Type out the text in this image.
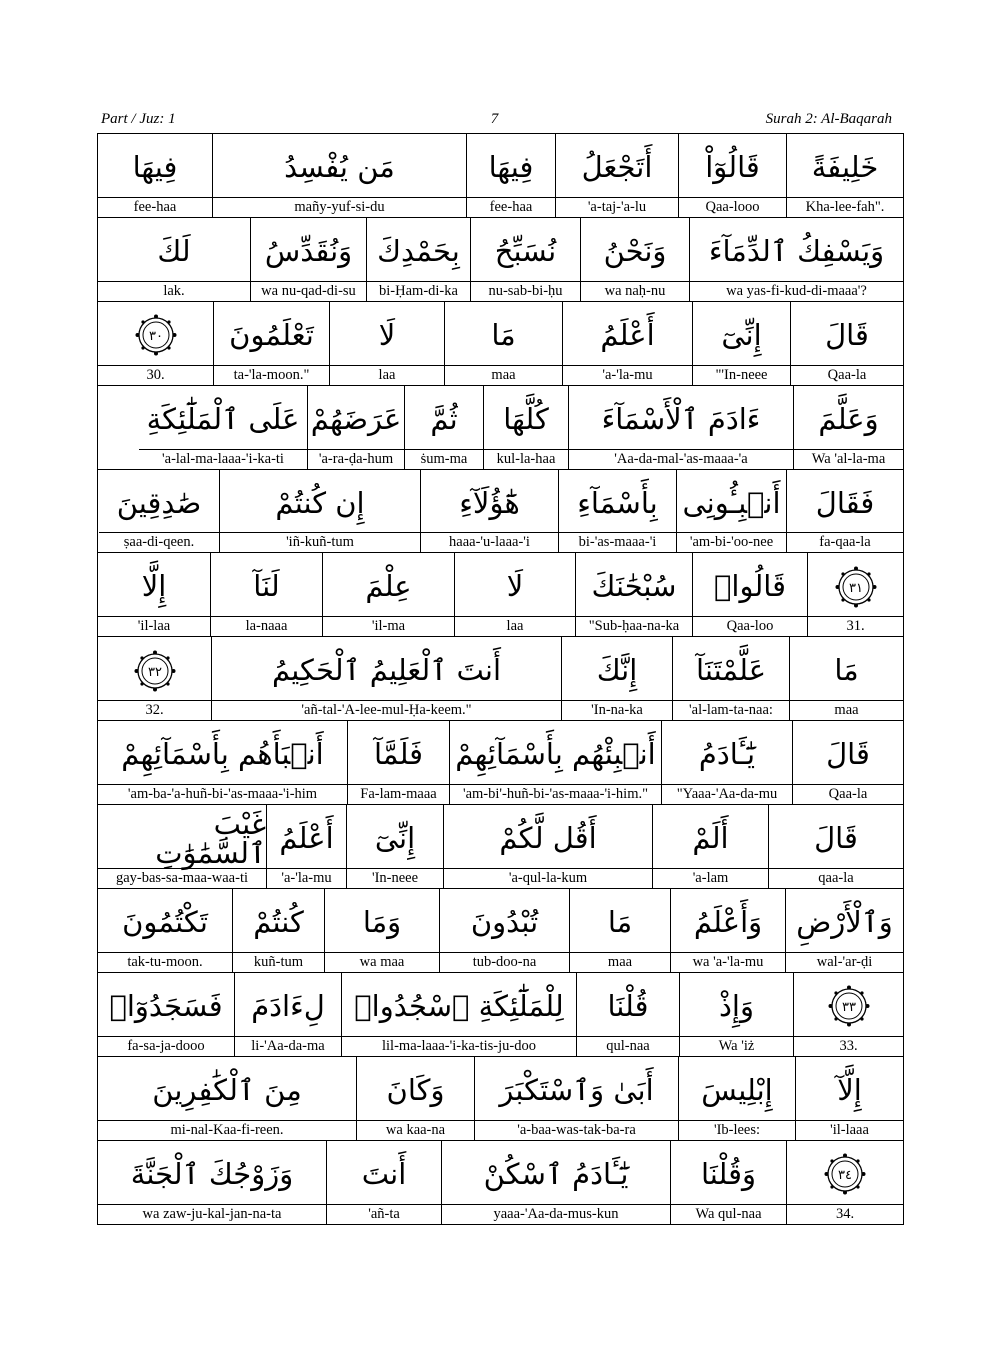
Part / Juz: 1	7	Surah 2: Al-Baqarah
خَلِيفَةً
Kha-lee-fah".
قَالُوٓاْ
Qaa-looo
أَتَجْعَلُ
'a-taj-'a-lu
فِيهَا
fee-haa
مَن يُفْسِدُ
mañy-yuf-si-du
فِيهَا
fee-haa
وَيَسْفِكُ ٱلدِّمَآءَ
wa yas-fi-kud-di-maaa'?
وَنَحْنُ
wa naḥ-nu
نُسَبِّحُ
nu-sab-bi-ḥu
بِحَمْدِكَ
bi-Ḥam-di-ka
وَنُقَدِّسُ
wa nu-qad-di-su
لَكَ
lak.
قَالَ
Qaa-la
إِنِّىٓ
"'In-neee
أَعْلَمُ
'a-'la-mu
مَا
maa
لَا
laa
تَعْلَمُونَ
ta-'la-moon."
٣٠
30.
وَعَلَّمَ
Wa 'al-la-ma
ءَادَمَ ٱلْأَسْمَآءَ
'Aa-da-mal-'as-maaa-'a
كُلَّهَا
kul-la-haa
ثُمَّ
ṡum-ma
عَرَضَهُمْ
'a-ra-ḍa-hum
عَلَى ٱلْمَلَٰٓئِكَةِ
'a-lal-ma-laaa-'i-ka-ti
فَقَالَ
fa-qaa-la
أَنۢبِـُٔونِى
'am-bi-'oo-nee
بِأَسْمَآءِ
bi-'as-maaa-'i
هَٰٓؤُلَآءِ
haaa-'u-laaa-'i
إِن كُنتُمْ
'iñ-kuñ-tum
صَٰدِقِينَ
ṣaa-di-qeen.
٣١
31.
قَالُوا۟
Qaa-loo
سُبْحَٰنَكَ
"Sub-ḥaa-na-ka
لَا
laa
عِلْمَ
'il-ma
لَنَآ
la-naaa
إِلَّا
'il-laa
مَا
maa
عَلَّمْتَنَآ
'al-lam-ta-naa:
إِنَّكَ
'In-na-ka
أَنتَ ٱلْعَلِيمُ ٱلْحَكِيمُ
'añ-tal-'A-lee-mul-Ḥa-keem."
٣٢
32.
قَالَ
Qaa-la
يَٰٓـَٔادَمُ
"Yaaa-'Aa-da-mu
أَنۢبِئْهُم بِأَسْمَآئِهِمْ
'am-bi'-huñ-bi-'as-maaa-'i-him."
فَلَمَّآ
Fa-lam-maaa
أَنۢبَأَهُم بِأَسْمَآئِهِمْ
'am-ba-'a-huñ-bi-'as-maaa-'i-him
قَالَ
qaa-la
أَلَمْ
'a-lam
أَقُل لَّكُمْ
'a-qul-la-kum
إِنِّىٓ
'In-neee
أَعْلَمُ
'a-'la-mu
غَيْبَ ٱلسَّمَٰوَٰتِ
gay-bas-sa-maa-waa-ti
وَٱلْأَرْضِ
wal-'ar-ḍi
وَأَعْلَمُ
wa 'a-'la-mu
مَا
maa
تُبْدُونَ
tub-doo-na
وَمَا
wa maa
كُنتُمْ
kuñ-tum
تَكْتُمُونَ
tak-tu-moon.
٣٣
33.
وَإِذْ
Wa 'iż
قُلْنَا
qul-naa
لِلْمَلَٰٓئِكَةِ ٱسْجُدُوا۟
lil-ma-laaa-'i-ka-tis-ju-doo
لِءَادَمَ
li-'Aa-da-ma
فَسَجَدُوٓا۟
fa-sa-ja-dooo
إِلَّآ
'il-laaa
إِبْلِيسَ
'Ib-lees:
أَبَىٰ وَٱسْتَكْبَرَ
'a-baa-was-tak-ba-ra
وَكَانَ
wa kaa-na
مِنَ ٱلْكَٰفِرِينَ
mi-nal-Kaa-fi-reen.
٣٤
34.
وَقُلْنَا
Wa qul-naa
يَٰٓـَٔادَمُ ٱسْكُنْ
yaaa-'Aa-da-mus-kun
أَنتَ
'añ-ta
وَزَوْجُكَ ٱلْجَنَّةَ
wa zaw-ju-kal-jan-na-ta
